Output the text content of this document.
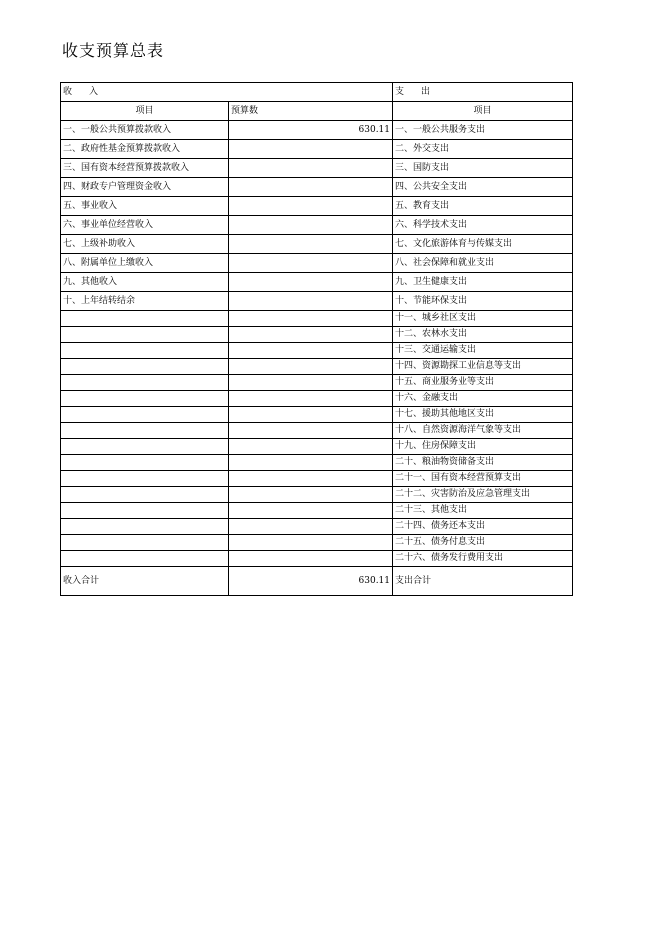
收支预算总表
收　入		支　出
项目	预算数	项目
一、一般公共预算拨款收入	630.11	一、一般公共服务支出
二、政府性基金预算拨款收入		二、外交支出
三、国有资本经营预算拨款收入		三、国防支出
四、财政专户管理资金收入		四、公共安全支出
五、事业收入		五、教育支出
六、事业单位经营收入		六、科学技术支出
七、上级补助收入		七、文化旅游体育与传媒支出
八、附属单位上缴收入		八、社会保障和就业支出
九、其他收入		九、卫生健康支出
十、上年结转结余		十、节能环保支出
		十一、城乡社区支出
		十二、农林水支出
		十三、交通运输支出
		十四、资源勘探工业信息等支出
		十五、商业服务业等支出
		十六、金融支出
		十七、援助其他地区支出
		十八、自然资源海洋气象等支出
		十九、住房保障支出
		二十、粮油物资储备支出
		二十一、国有资本经营预算支出
		二十二、灾害防治及应急管理支出
		二十三、其他支出
		二十四、债务还本支出
		二十五、债务付息支出
		二十六、债务发行费用支出
收入合计	630.11	支出合计
